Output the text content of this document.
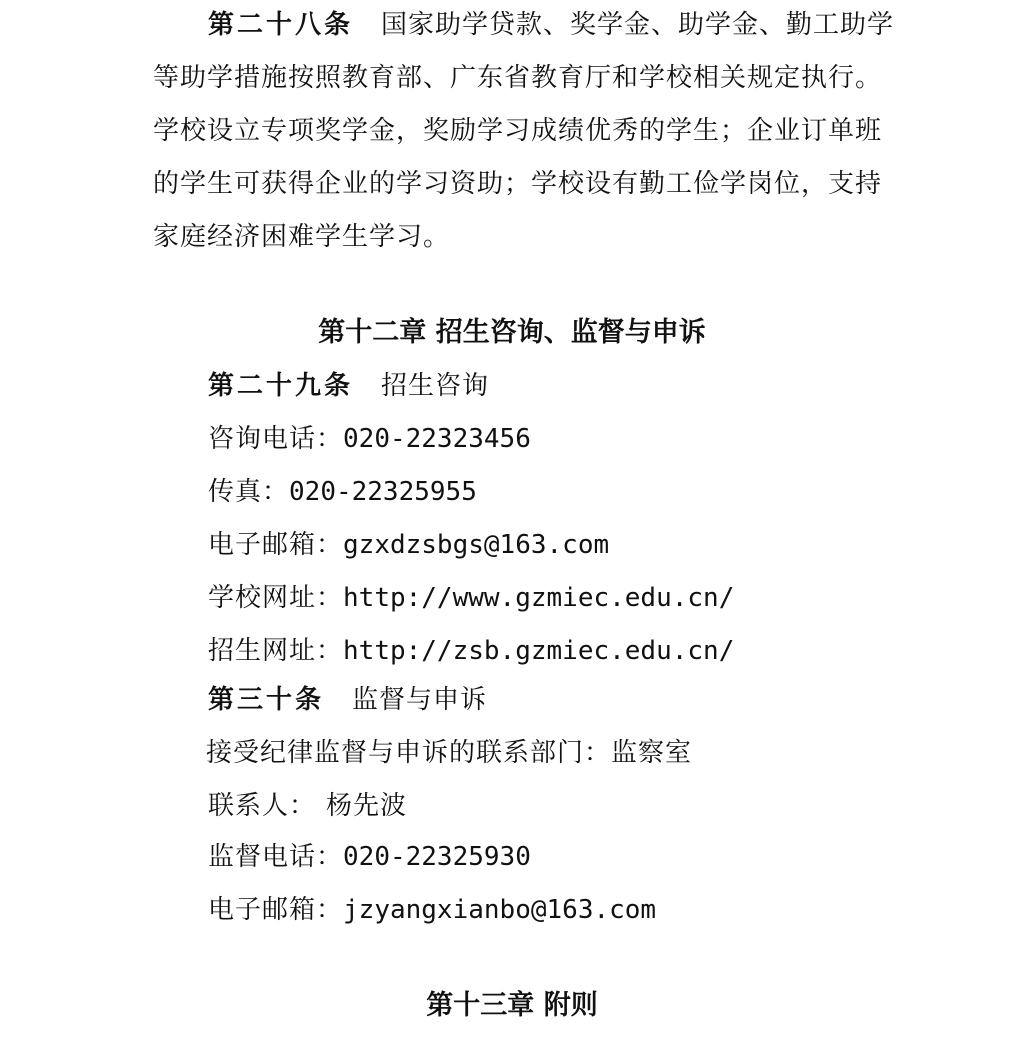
第二十八条 国家助学贷款、奖学金、助学金、勤工助学
等助学措施按照教育部、广东省教育厅和学校相关规定执行。
学校设立专项奖学金，奖励学习成绩优秀的学生；企业订单班
的学生可获得企业的学习资助；学校设有勤工俭学岗位，支持
家庭经济困难学生学习。
第十二章 招生咨询、监督与申诉
第二十九条 招生咨询
咨询电话：020-22323456
传真：020-22325955
电子邮箱：gzxdzsbgs@163.com
学校网址：http://www.gzmiec.edu.cn/
招生网址：http://zsb.gzmiec.edu.cn/
第三十条 监督与申诉
接受纪律监督与申诉的联系部门：监察室
联系人： 杨先波
监督电话：020-22325930
电子邮箱：jzyangxianbo@163.com
第十三章 附则
